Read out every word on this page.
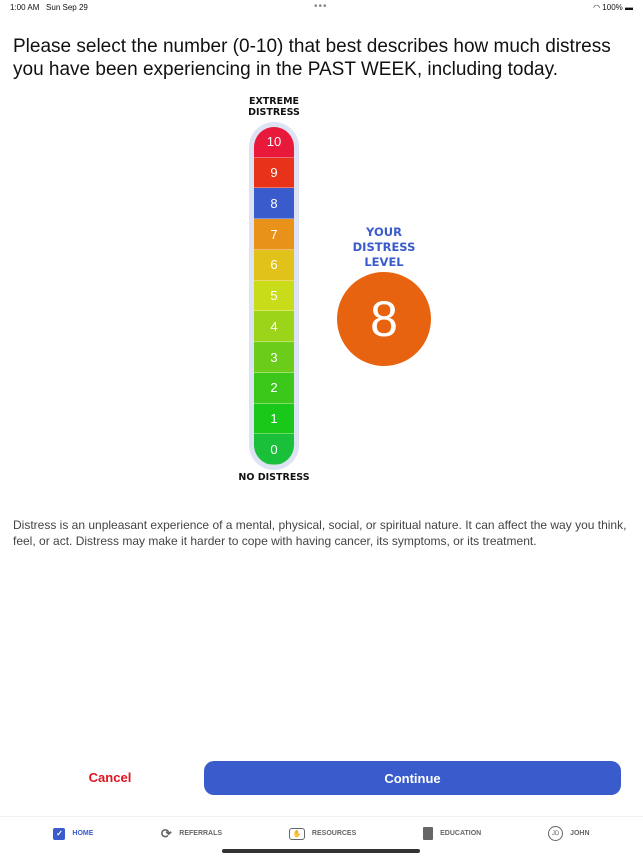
1:00 AM Sun Sep 29	◠ 100% ▬
•••
Please select the number (0-10) that best describes how much distress you have been experiencing in the PAST WEEK, including today.
EXTREME DISTRESS
10
9
8
7
6
5
4
3
2
1
0
NO DISTRESS
YOUR DISTRESS LEVEL
8
Distress is an unpleasant experience of a mental, physical, social, or spiritual nature. It can affect the way you think, feel, or act. Distress may make it harder to cope with having cancer, its symptoms, or its treatment.
Cancel	Continue
✓	HOME	⟳ REFERRALS	✋	RESOURCES	EDUCATION	JD	JOHN
